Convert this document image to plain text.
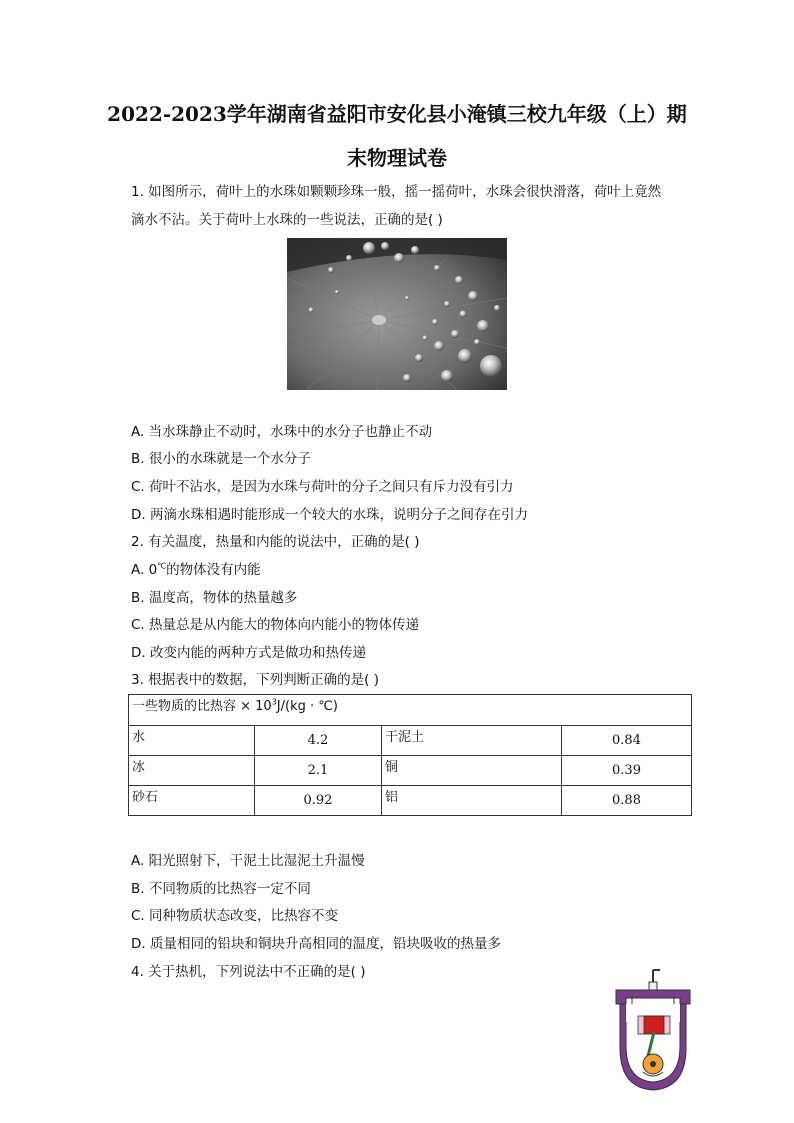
2022-2023学年湖南省益阳市安化县小淹镇三校九年级（上）期
末物理试卷
1. 如图所示，荷叶上的水珠如颗颗珍珠一般，摇一摇荷叶，水珠会很快滑落，荷叶上竟然
滴水不沾。关于荷叶上水珠的一些说法，正确的是( )
A. 当水珠静止不动时，水珠中的水分子也静止不动
B. 很小的水珠就是一个水分子
C. 荷叶不沾水，是因为水珠与荷叶的分子之间只有斥力没有引力
D. 两滴水珠相遇时能形成一个较大的水珠，说明分子之间存在引力
2. 有关温度，热量和内能的说法中，正确的是( )
A. 0℃的物体没有内能
B. 温度高，物体的热量越多
C. 热量总是从内能大的物体向内能小的物体传递
D. 改变内能的两种方式是做功和热传递
3. 根据表中的数据，下列判断正确的是( )
一些物质的比热容 × $10^3J/(kg$ · ℃)			
水	4.2	干泥土	0.84
冰	2.1	铜	0.39
砂石	0.92	铝	0.88
A. 阳光照射下，干泥土比湿泥土升温慢
B. 不同物质的比热容一定不同
C. 同种物质状态改变，比热容不变
D. 质量相同的铅块和铜块升高相同的温度，铅块吸收的热量多
4. 关于热机，下列说法中不正确的是( )
